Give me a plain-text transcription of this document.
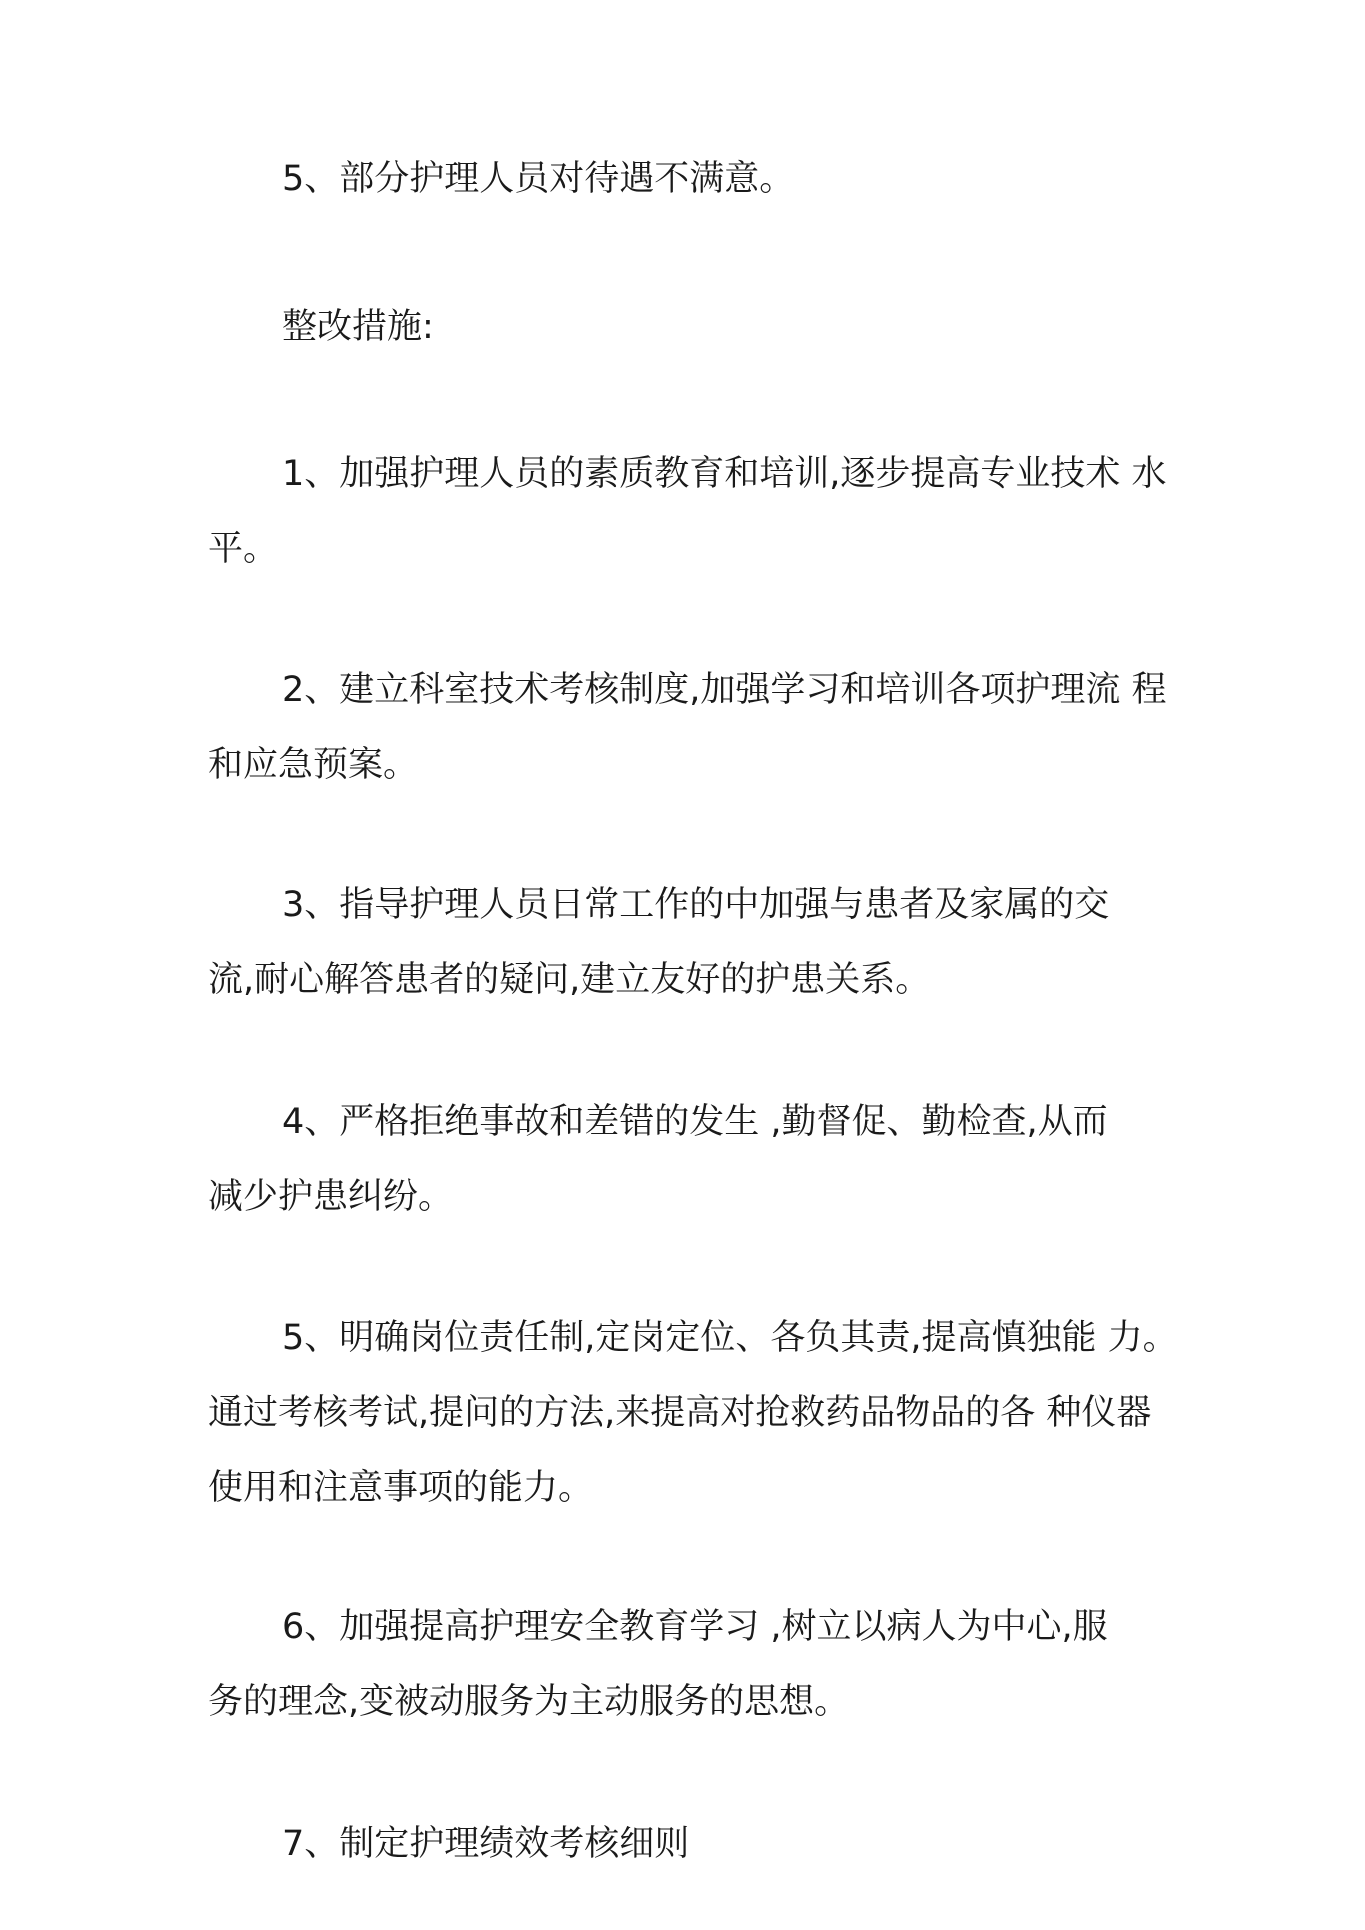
5、部分护理人员对待遇不满意。

整改措施:

1、加强护理人员的素质教育和培训,逐步提高专业技术 水
平。

2、建立科室技术考核制度,加强学习和培训各项护理流 程
和应急预案。

3、指导护理人员日常工作的中加强与患者及家属的交
流,耐心解答患者的疑问,建立友好的护患关系。

4、严格拒绝事故和差错的发生 ,勤督促、勤检查,从而
减少护患纠纷。

5、明确岗位责任制,定岗定位、各负其责,提高慎独能 力。
通过考核考试,提问的方法,来提高对抢救药品物品的各 种仪器
使用和注意事项的能力。

6、加强提高护理安全教育学习 ,树立以病人为中心,服
务的理念,变被动服务为主动服务的思想。

7、制定护理绩效考核细则
